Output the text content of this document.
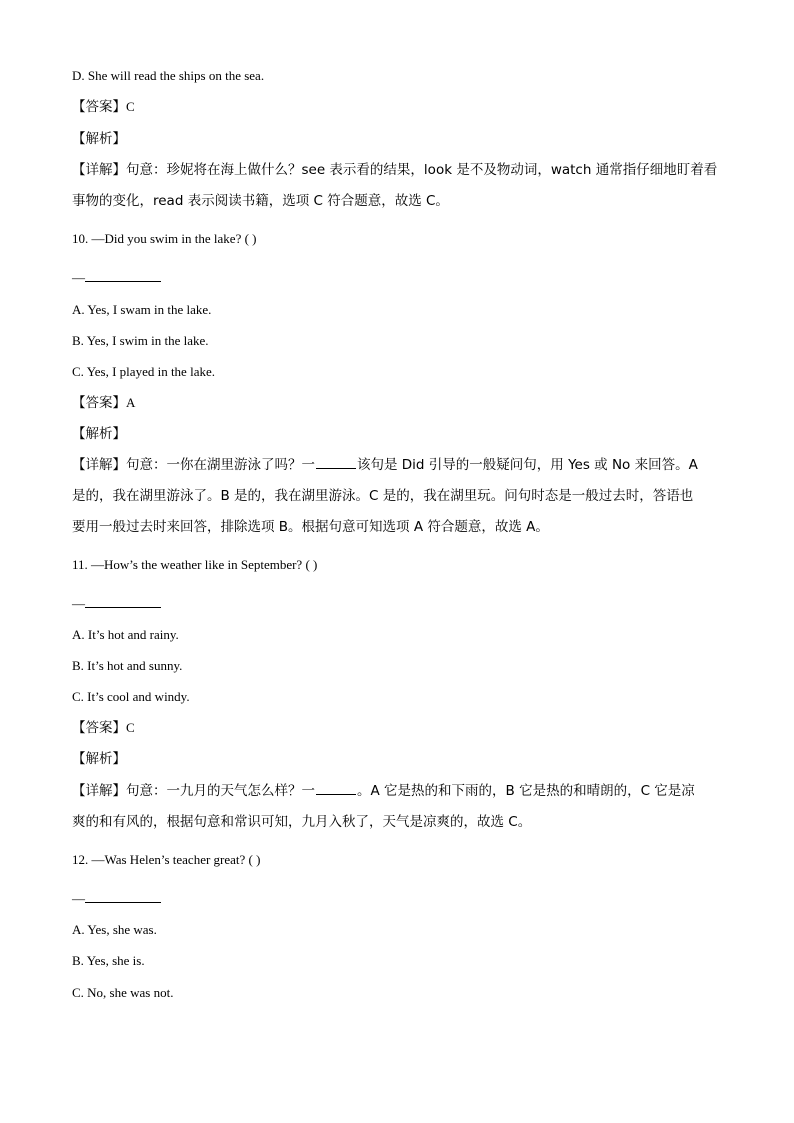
D. She will read the ships on the sea.
【答案】C
【解析】
【详解】句意：珍妮将在海上做什么？see 表示看的结果，look 是不及物动词，watch 通常指仔细地盯着看
事物的变化，read 表示阅读书籍，选项 C 符合题意，故选 C。
10. —Did you swim in the lake? ( )
—
A. Yes, I swam in the lake.
B. Yes, I swim in the lake.
C. Yes, I played in the lake.
【答案】A
【解析】
【详解】句意：一你在湖里游泳了吗？一	该句是 Did 引导的一般疑问句，用 Yes 或 No 来回答。A
是的，我在湖里游泳了。B 是的，我在湖里游泳。C 是的，我在湖里玩。问句时态是一般过去时，答语也
要用一般过去时来回答，排除选项 B。根据句意可知选项 A 符合题意，故选 A。
11. —How’s the weather like in September? ( )
—
A. It’s hot and rainy.
B. It’s hot and sunny.
C. It’s cool and windy.
【答案】C
【解析】
【详解】句意：一九月的天气怎么样？一	。A 它是热的和下雨的，B 它是热的和晴朗的，C 它是凉
爽的和有风的，根据句意和常识可知，九月入秋了，天气是凉爽的，故选 C。
12. —Was Helen’s teacher great? ( )
—
A. Yes, she was.
B. Yes, she is.
C. No, she was not.
